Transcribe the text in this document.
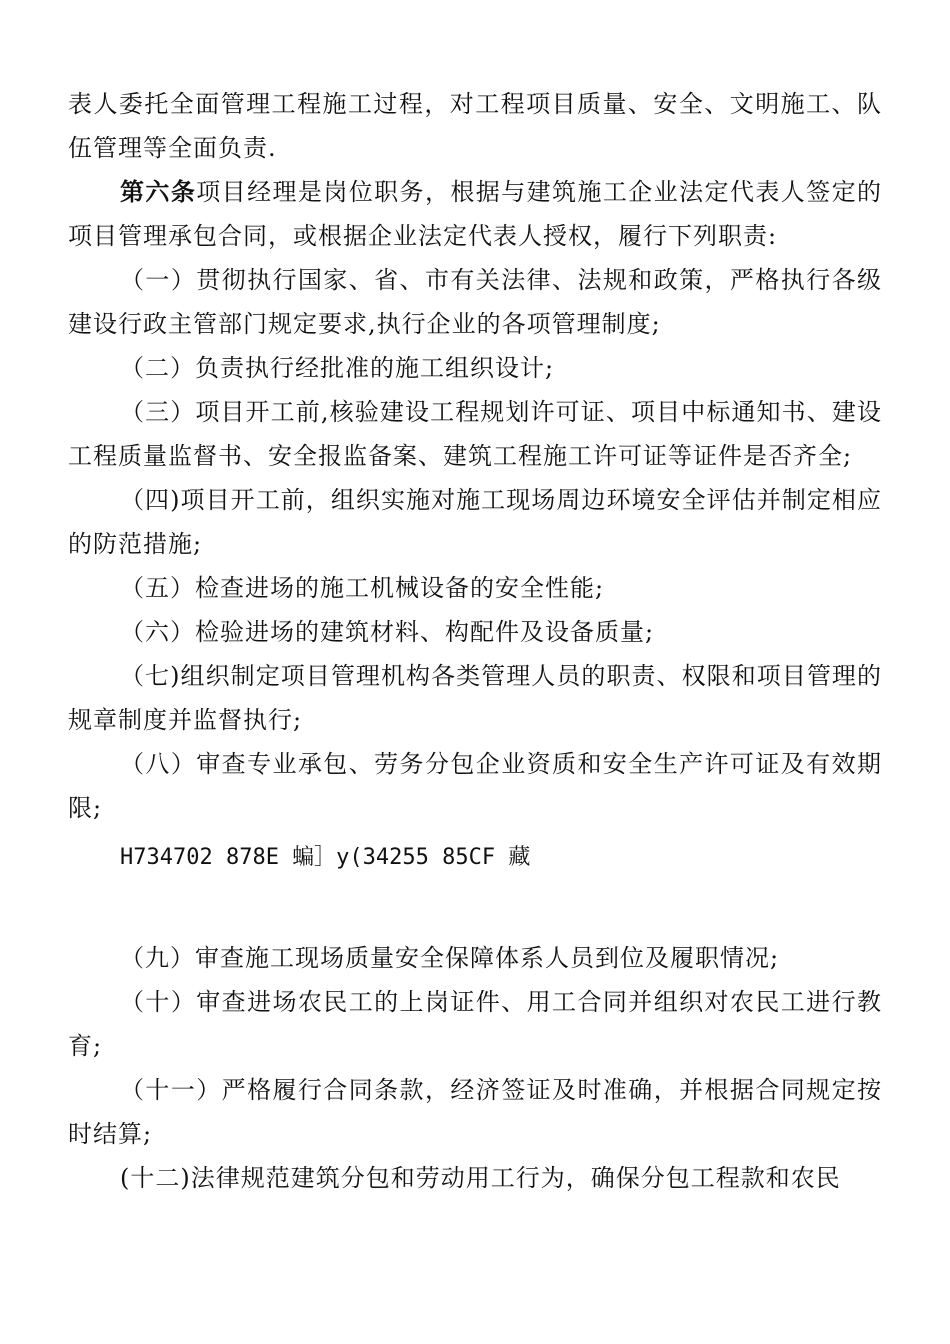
表人委托全面管理工程施工过程，对工程项目质量、安全、文明施工、队伍管理等全面负责.

第六条项目经理是岗位职务，根据与建筑施工企业法定代表人签定的项目管理承包合同，或根据企业法定代表人授权，履行下列职责:

（一）贯彻执行国家、省、市有关法律、法规和政策，严格执行各级建设行政主管部门规定要求,执行企业的各项管理制度;

（二）负责执行经批准的施工组织设计;

（三）项目开工前,核验建设工程规划许可证、项目中标通知书、建设工程质量监督书、安全报监备案、建筑工程施工许可证等证件是否齐全;

（四)项目开工前，组织实施对施工现场周边环境安全评估并制定相应的防范措施;

（五）检查进场的施工机械设备的安全性能;

（六）检验进场的建筑材料、构配件及设备质量;

（七)组织制定项目管理机构各类管理人员的职责、权限和项目管理的规章制度并监督执行;

（八）审查专业承包、劳务分包企业资质和安全生产许可证及有效期限;

H734702 878E 蝙］y(34255 85CF 藏

（九）审查施工现场质量安全保障体系人员到位及履职情况;

（十）审查进场农民工的上岗证件、用工合同并组织对农民工进行教育;

（十一）严格履行合同条款，经济签证及时准确，并根据合同规定按时结算;

(十二)法律规范建筑分包和劳动用工行为，确保分包工程款和农民
